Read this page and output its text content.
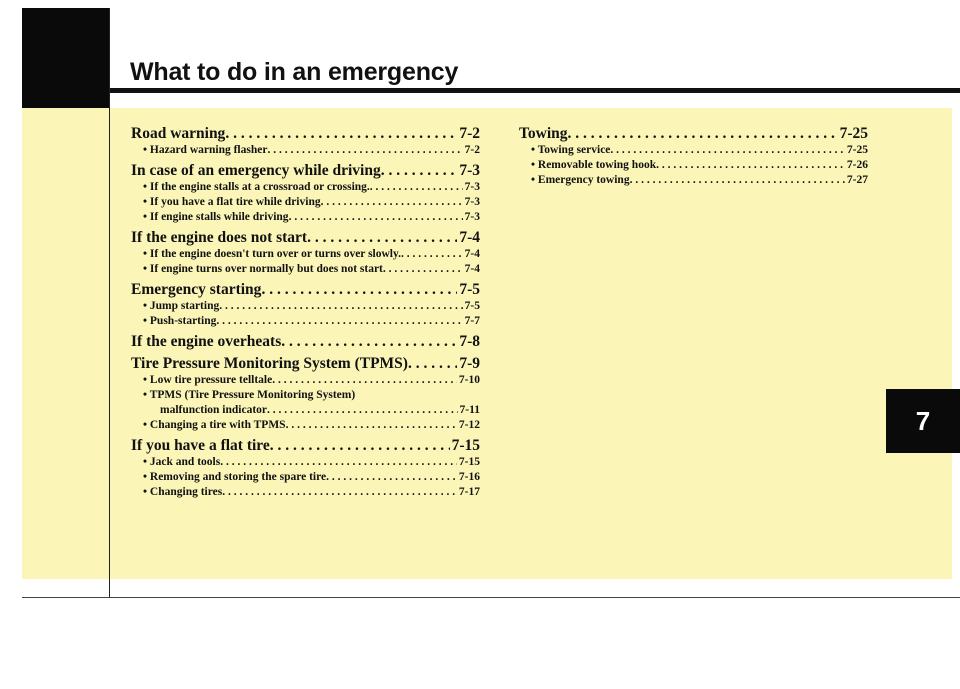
What to do in an emergency
7
Road warning . . .	7-2
• Hazard warning flasher . . .	7-2
In case of an emergency while driving . . .	7-3
• If the engine stalls at a crossroad or crossing. . . .	7-3
• If you have a flat tire while driving . . .	7-3
• If engine stalls while driving . . .	7-3
If the engine does not start . . .	7-4
• If the engine doesn't turn over or turns over slowly. . . .	7-4
• If engine turns over normally but does not start . . .	7-4
Emergency starting . . .	7-5
• Jump starting . . .	7-5
• Push-starting . . .	7-7
If the engine overheats . . .	7-8
Tire Pressure Monitoring System (TPMS) . . .	7-9
• Low tire pressure telltale . . .	7-10
• TPMS (Tire Pressure Monitoring System)
malfunction indicator . . .	7-11
• Changing a tire with TPMS . . .	7-12
If you have a flat tire . . .	7-15
• Jack and tools . . .	7-15
• Removing and storing the spare tire . . .	7-16
• Changing tires . . .	7-17
Towing . . .	7-25
• Towing service . . .	7-25
• Removable towing hook . . .	7-26
• Emergency towing . . .	7-27
